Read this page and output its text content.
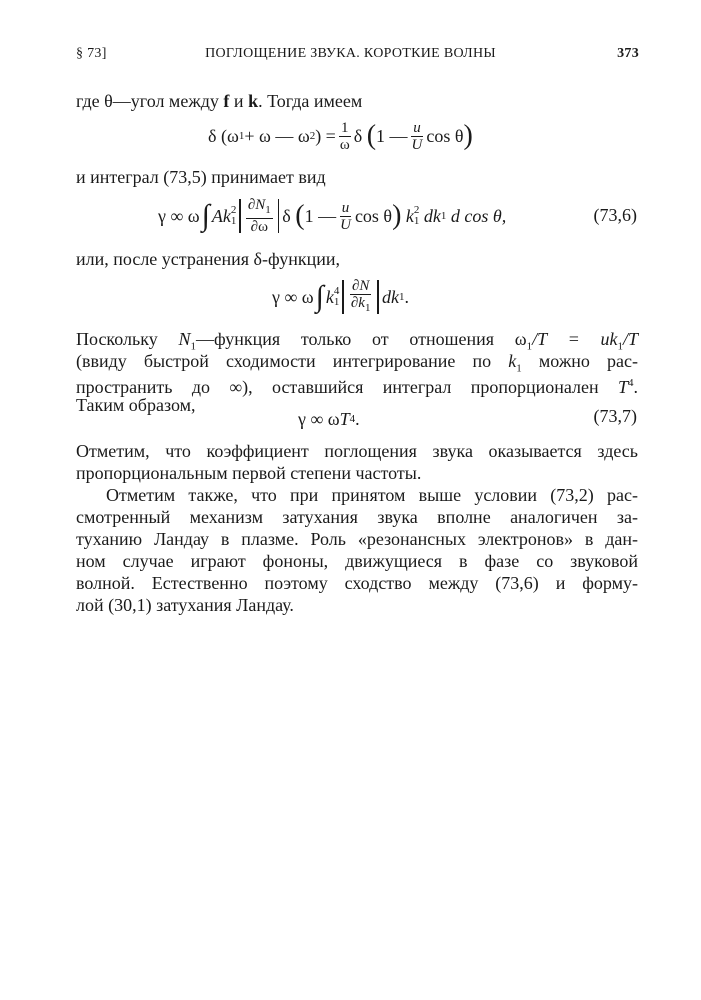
ПОГЛОЩЕНИЕ ЗВУКА. КОРОТКИЕ ВОЛНЫ
§ 73]	373
где θ—угол между f и k. Тогда имеем
δ
(ω 1 + ω — ω 2 ) = $\frac{1}{\omega}$ δ
( 1 — $\frac{u}{U}$ cos θ )
и интеграл (73,5) принимает вид
γ ∞ ω ∫ A k 2
$1 \frac{\partial N_1}{\partial\omega}$ δ
( 1 — $\frac{u}{U}$ cos θ )
k 2
1
dk 1
d cos θ,	(73,6)
или, после устранения δ-функции,
γ ∞ ω ∫ k 4
$1 \frac{\partial N}{\partial k_1}$ dk 1 .
Поскольку $N_1—функция$ только от отношения $\omega_1/T = uk_1/T$
(ввиду быстрой сходимости интегрирование по $k_1$ можно рас-
пространить до ∞), оставшийся интеграл пропорционален $T^4$.
Таким образом,
γ ∞ ω T 4 .	(73,7)
Отметим, что коэффициент поглощения звука оказывается здесь
пропорциональным первой степени частоты.
Отметим также, что при принятом выше условии (73,2) рас-
смотренный механизм затухания звука вполне аналогичен за-
туханию Ландау в плазме. Роль «резонансных электронов» в дан-
ном случае играют фононы, движущиеся в фазе со звуковой
волной. Естественно поэтому сходство между (73,6) и форму-
лой (30,1) затухания Ландау.
